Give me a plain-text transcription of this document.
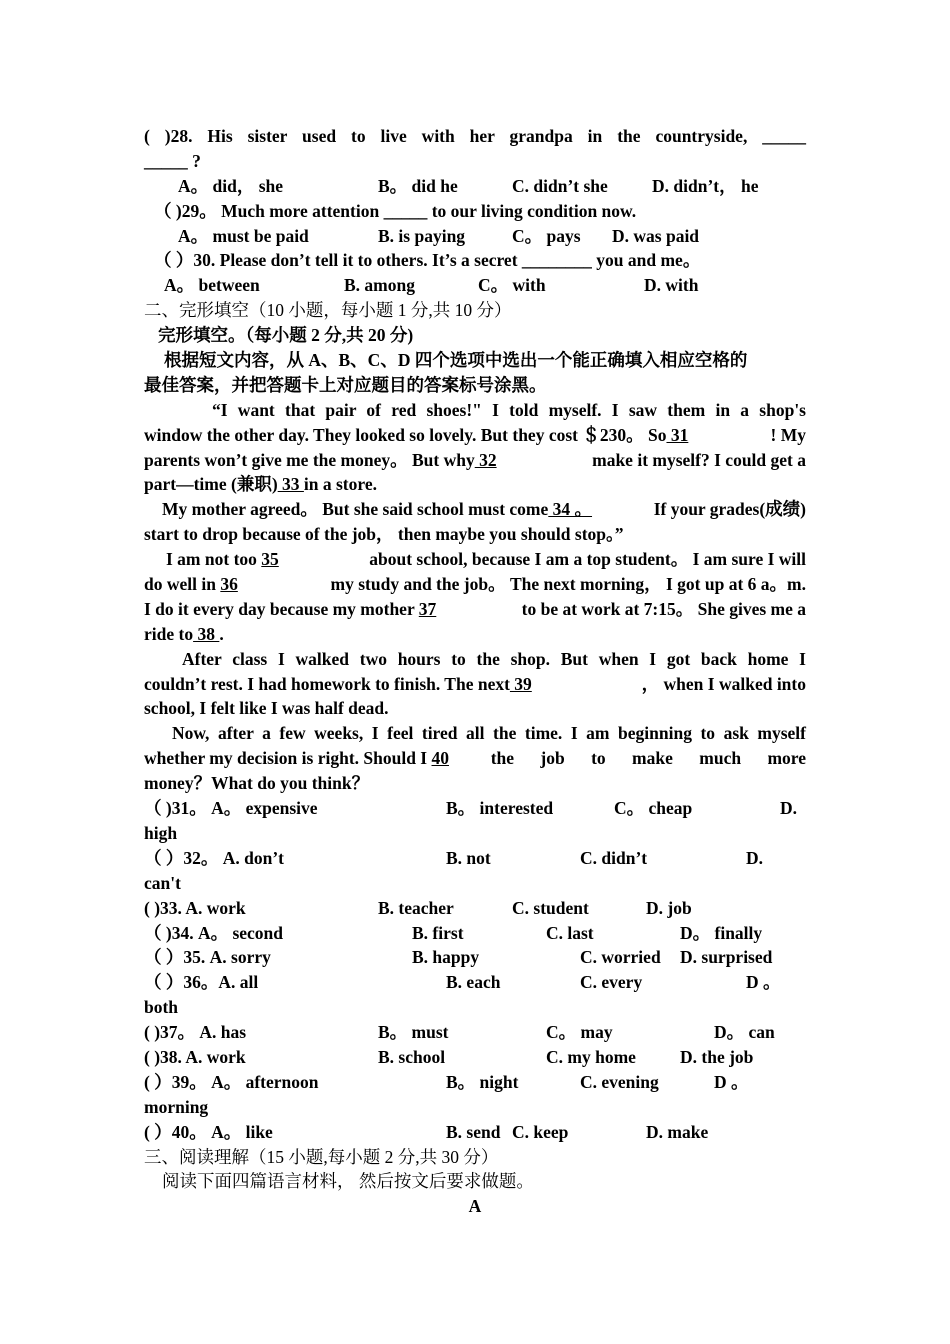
( )28. His sister used to live with her grandpa in the countryside, _____
_____ ?
A。 did， she	B。 did he	C. didn’t she	D. didn’t， he
（ )29。 Much more attention _____ to our living condition now.
A。 must be paid	B. is paying	C。 pays D. was paid
（ ）30. Please don’t tell it to others. It’s a secret ________ you and me。
A。 between	B. among	C。 with	D. with
二、完形填空（10 小题，每小题 1 分,共 10 分）
完形填空。（每小题 2 分,共 20 分)
根据短文内容，从 A、B、C、D 四个选项中选出一个能正确填入相应空格的
最佳答案，并把答题卡上对应题目的答案标号涂黑。
“I want that pair of red shoes!" I told myself. I saw them in a shop's
window the other day. They looked so lovely. But they cost ＄230。 So 31	! My
parents won’t give me the money。 But why 32	make it myself? I could get a
part—time (兼职) 33 in a store.
My mother agreed。 But she said school must come 34 。	If your grades(成绩)
start to drop because of the job， then maybe you should stop。”
I am not too 35	about school, because I am a top student。 I am sure I will
do well in 36	my study and the job。 The next morning， I got up at 6 a。m.
I do it every day because my mother 37	to be at work at 7:15。 She gives me a
ride to 38 .
After class I walked two hours to the shop. But when I got back home I
couldn’t rest. I had homework to finish. The next 39	， when I walked into
school, I felt like I was half dead.
Now, after a few weeks, I feel tired all the time. I am beginning to ask myself
whether my decision is right. Should I 40 the job to make much more
money？What do you think？
（ )31。 A。 expensive	B。 interested	C。 cheap	D.
high
（ ）32。 A. don’t	B. not	C. didn’t	D.
can't
( )33. A. work	B. teacher	C. student	D. job
（ )34. A。 second	B. first	C. last	D。 finally
（ ）35. A. sorry	B. happy	C. worried D. surprised
（ ）36。A. all	B. each	C. every	D 。
both
( )37。 A. has	B。 must	C。 may	D。 can
( )38. A. work	B. school	C. my home	D. the job
( ）39。 A。 afternoon	B。 night	C. evening	D 。
morning
( ）40。 A。 like	B. send C. keep	D. make
三、阅读理解（15 小题,每小题 2 分,共 30 分）
阅读下面四篇语言材料， 然后按文后要求做题。
A
